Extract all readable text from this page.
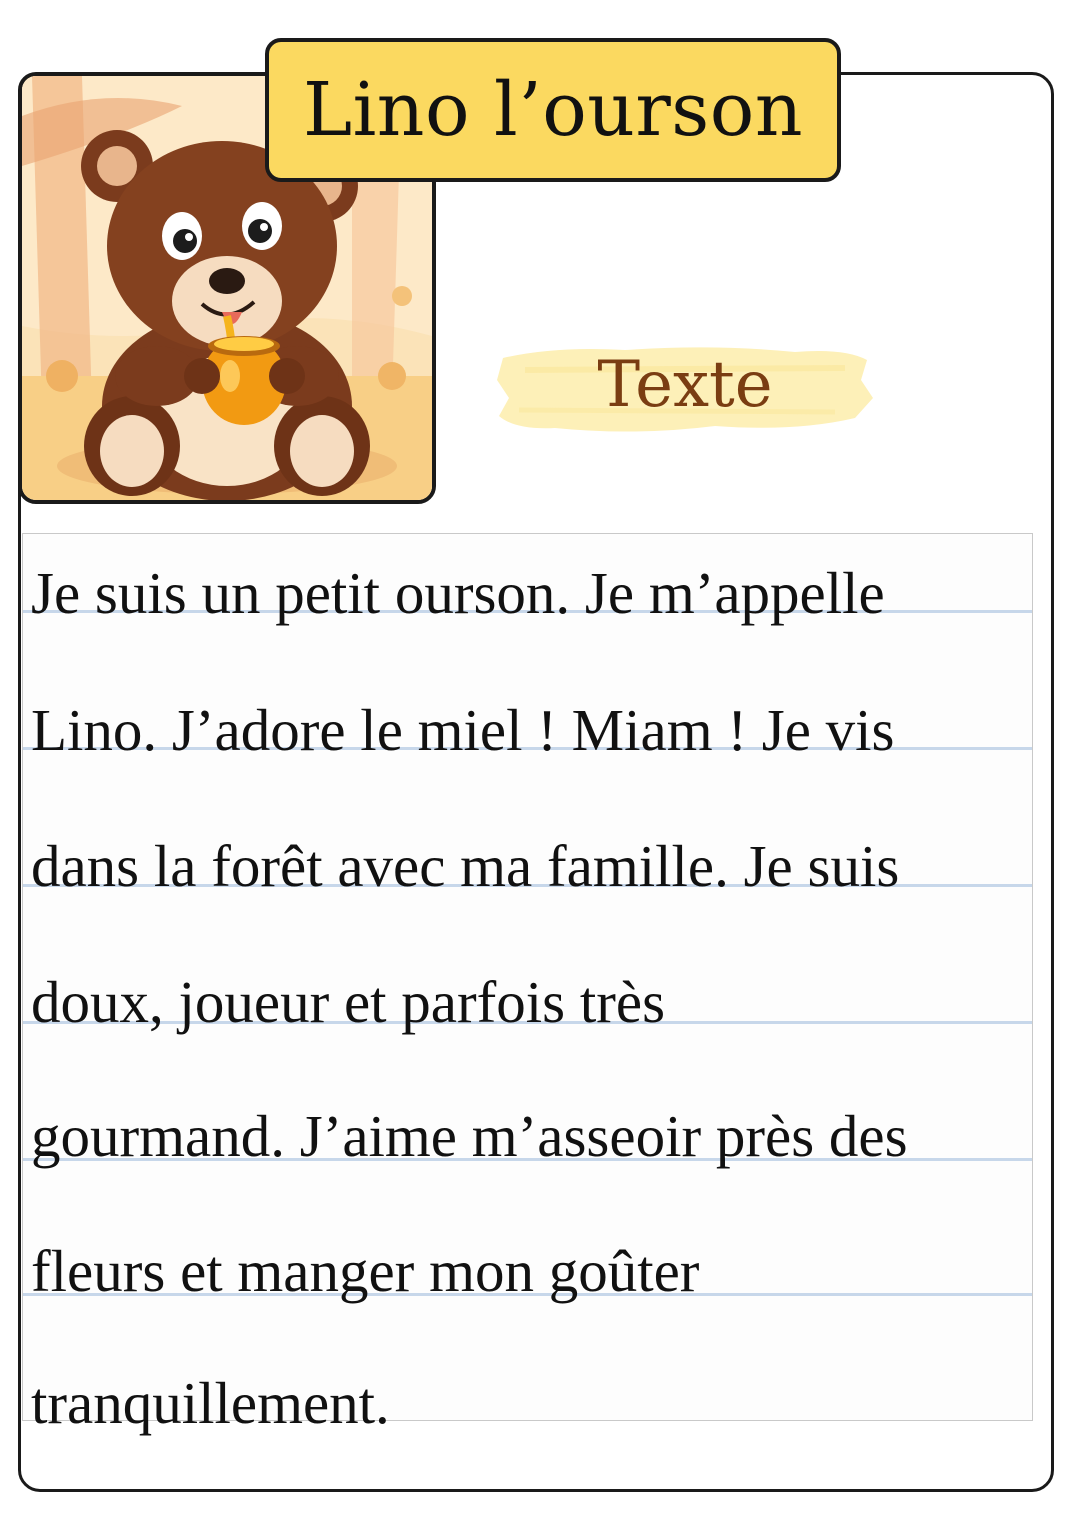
Lino l’ourson
Texte
Je suis un petit ourson. Je m’appelle
Lino. J’adore le miel ! Miam ! Je vis
dans la forêt avec ma famille. Je suis
doux, joueur et parfois très
gourmand. J’aime m’asseoir près des
fleurs et manger mon goûter
tranquillement.
